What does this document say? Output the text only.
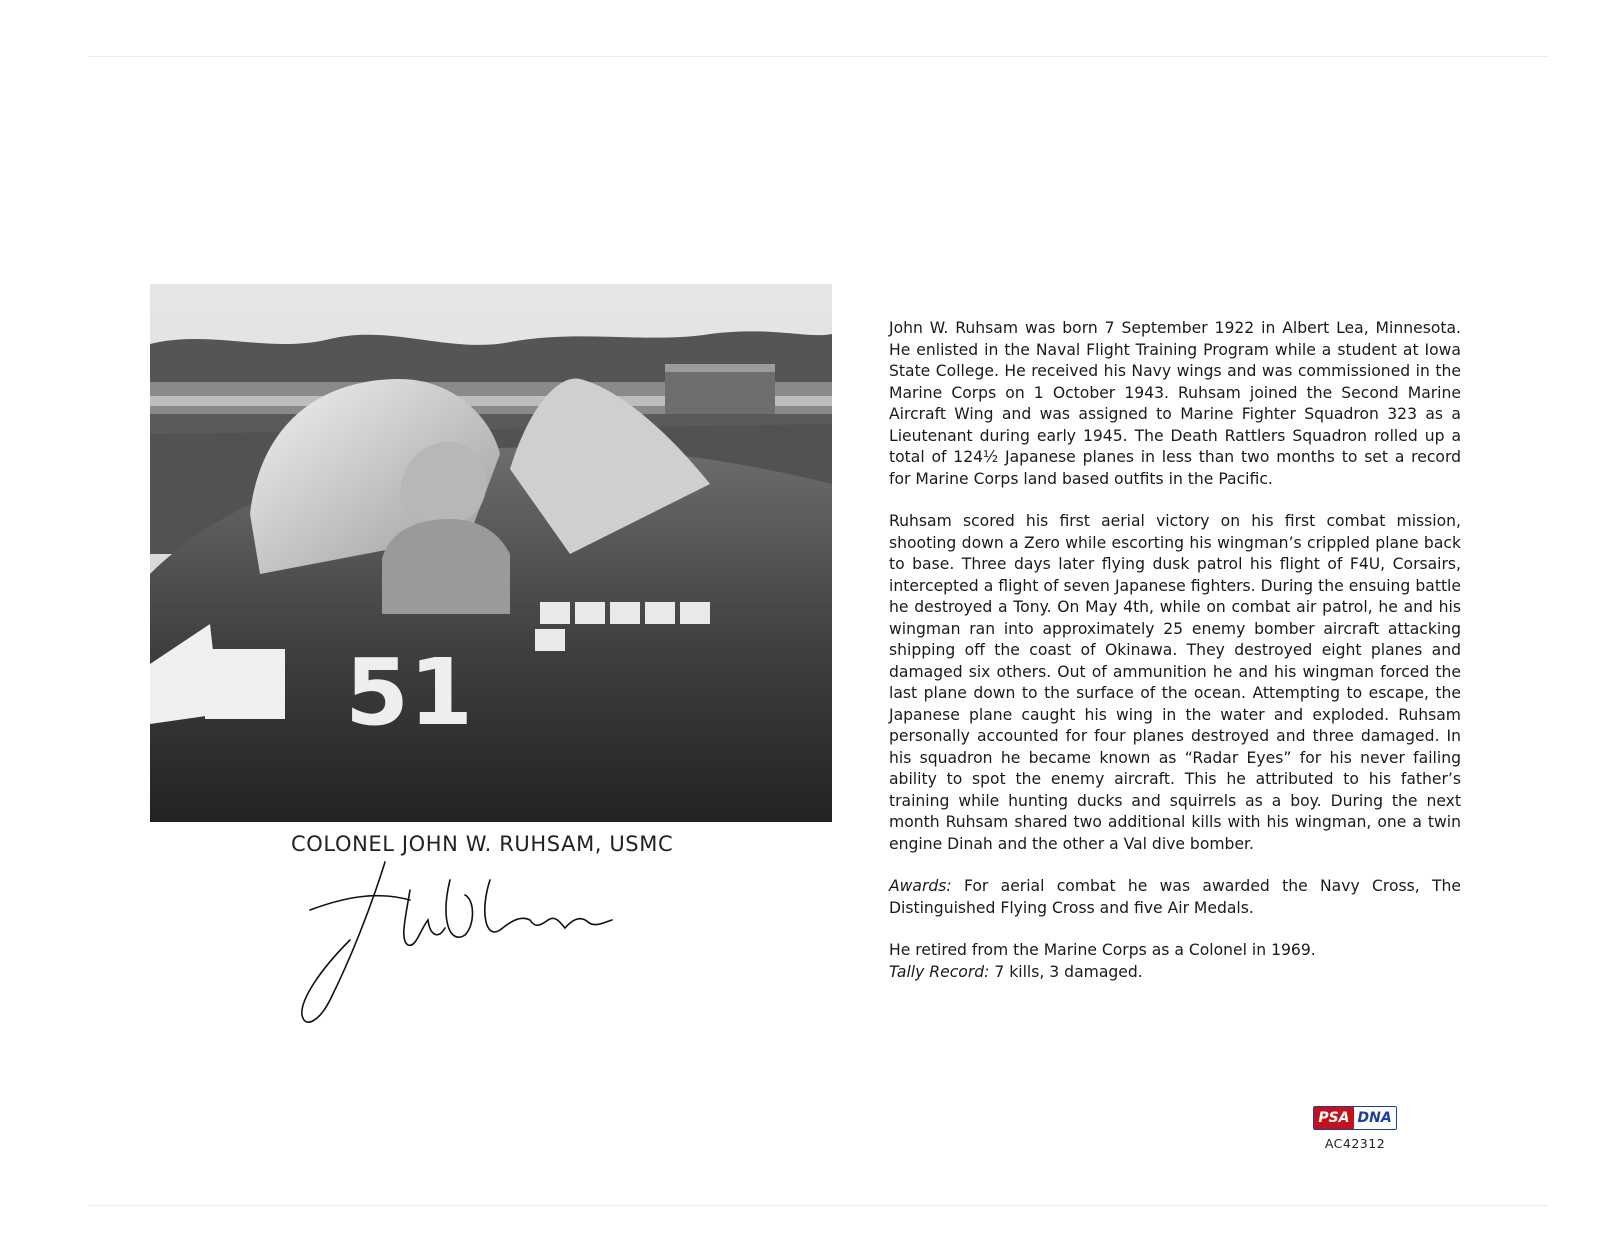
51
COLONEL JOHN W. RUHSAM, USMC

John W. Ruhsam was born 7 September 1922 in Albert Lea, Minnesota. He enlisted in the Naval Flight Training Program while a student at Iowa State College. He received his Navy wings and was commissioned in the Marine Corps on 1 October 1943. Ruhsam joined the Second Marine Aircraft Wing and was assigned to Marine Fighter Squadron 323 as a Lieutenant during early 1945. The Death Rattlers Squadron rolled up a total of 124½ Japanese planes in less than two months to set a record for Marine Corps land based outfits in the Pacific.

Ruhsam scored his first aerial victory on his first combat mission, shooting down a Zero while escorting his wingman’s crippled plane back to base. Three days later flying dusk patrol his flight of F4U, Corsairs, intercepted a flight of seven Japanese fighters. During the ensuing battle he destroyed a Tony. On May 4th, while on combat air patrol, he and his wingman ran into approximately 25 enemy bomber aircraft attacking shipping off the coast of Okinawa. They destroyed eight planes and damaged six others. Out of ammunition he and his wingman forced the last plane down to the surface of the ocean. Attempting to escape, the Japanese plane caught his wing in the water and exploded. Ruhsam personally accounted for four planes destroyed and three damaged. In his squadron he became known as “Radar Eyes” for his never failing ability to spot the enemy aircraft. This he attributed to his father’s training while hunting ducks and squirrels as a boy. During the next month Ruhsam shared two additional kills with his wingman, one a twin engine Dinah and the other a Val dive bomber.

Awards: For aerial combat he was awarded the Navy Cross, The Distinguished Flying Cross and five Air Medals.

He retired from the Marine Corps as a Colonel in 1969.

Tally Record: 7 kills, 3 damaged.

PSA DNA
AC42312
